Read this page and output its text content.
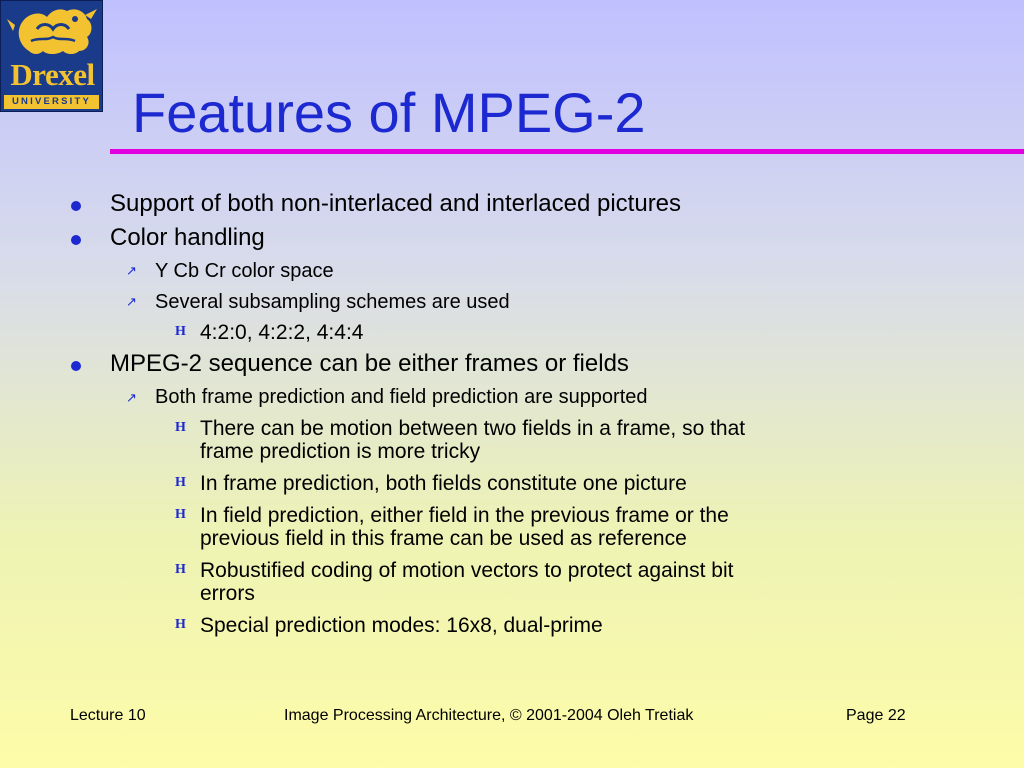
Drexel
UNIVERSITY Features of MPEG-2
Support of both non-interlaced and interlaced pictures
Color handling
↗ Y Cb Cr color space
↗ Several subsampling schemes are used
H 4:2:0, 4:2:2, 4:4:4
MPEG-2 sequence can be either frames or fields
↗ Both frame prediction and field prediction are supported
H There can be motion between two fields in a frame, so that
frame prediction is more tricky
H In frame prediction, both fields constitute one picture
H In field prediction, either field in the previous frame or the
previous field in this frame can be used as reference
H Robustified coding of motion vectors to protect against bit
errors
H Special prediction modes: 16x8, dual-prime
Lecture 10	Image Processing Architecture, © 2001-2004 Oleh Tretiak	Page 22
